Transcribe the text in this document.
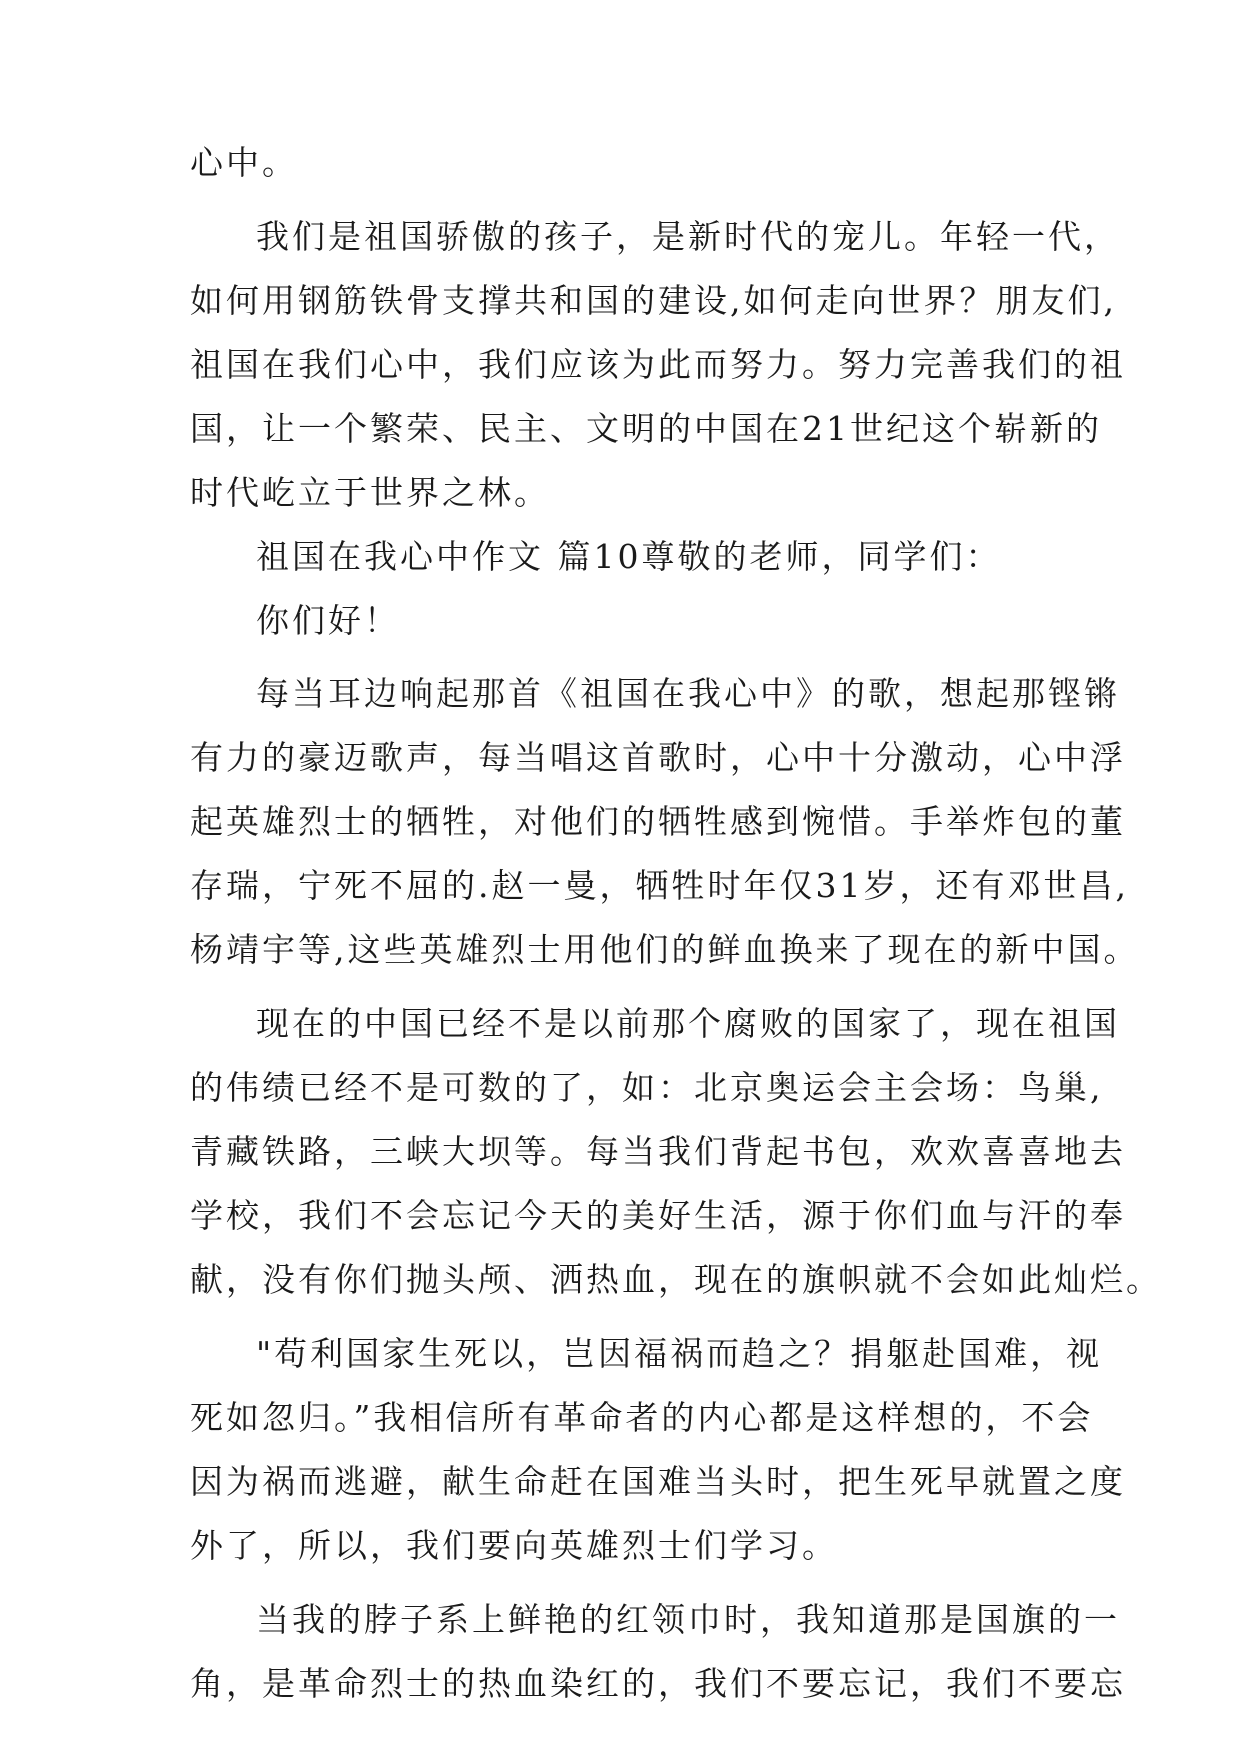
心中。
我们是祖国骄傲的孩子，是新时代的宠儿。年轻一代，
如何用钢筋铁骨支撑共和国的建设,如何走向世界？朋友们,
祖国在我们心中，我们应该为此而努力。努力完善我们的祖
国，让一个繁荣、民主、文明的中国在21世纪这个崭新的
时代屹立于世界之林。
祖国在我心中作文 篇10尊敬的老师，同学们：
你们好！
每当耳边响起那首《祖国在我心中》的歌，想起那铿锵
有力的豪迈歌声，每当唱这首歌时，心中十分激动，心中浮
起英雄烈士的牺牲，对他们的牺牲感到惋惜。手举炸包的董
存瑞，宁死不屈的.赵一曼，牺牲时年仅31岁，还有邓世昌,
杨靖宇等,这些英雄烈士用他们的鲜血换来了现在的新中国。
现在的中国已经不是以前那个腐败的国家了，现在祖国
的伟绩已经不是可数的了，如：北京奥运会主会场：鸟巢,
青藏铁路，三峡大坝等。每当我们背起书包，欢欢喜喜地去
学校，我们不会忘记今天的美好生活，源于你们血与汗的奉
献，没有你们抛头颅、洒热血，现在的旗帜就不会如此灿烂。
"苟利国家生死以，岂因福祸而趋之？捐躯赴国难，视
死如忽归。”我相信所有革命者的内心都是这样想的，不会
因为祸而逃避，献生命赶在国难当头时，把生死早就置之度
外了，所以，我们要向英雄烈士们学习。
当我的脖子系上鲜艳的红领巾时，我知道那是国旗的一
角，是革命烈士的热血染红的，我们不要忘记，我们不要忘
